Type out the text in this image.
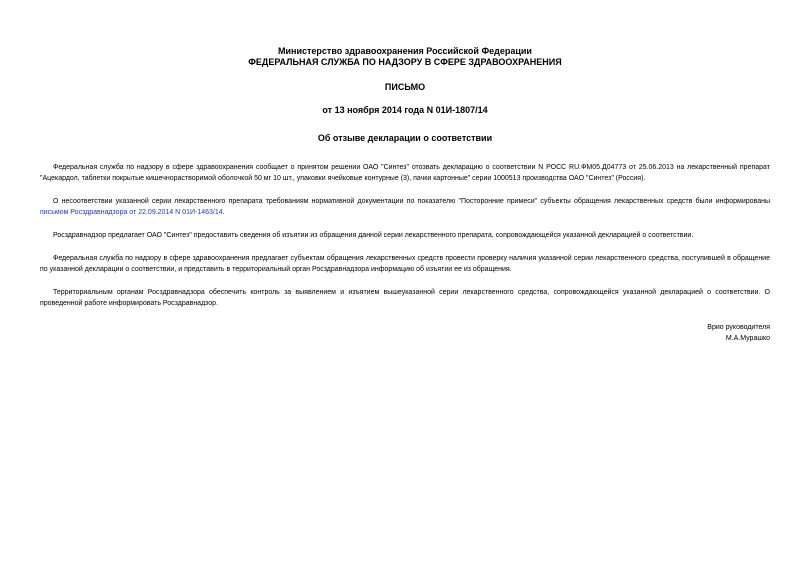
Министерство здравоохранения Российской Федерации
ФЕДЕРАЛЬНАЯ СЛУЖБА ПО НАДЗОРУ В СФЕРЕ ЗДРАВООХРАНЕНИЯ
ПИСЬМО
от 13 ноября 2014 года N 01И-1807/14
Об отзыве декларации о соответствии

Федеральная служба по надзору в сфере здравоохранения сообщает о принятом решении ОАО "Синтез" отозвать декларацию о соответствии N РОСС RU.ФМ05.Д04773 от 25.06.2013 на лекарственный препарат "Ацекардол, таблетки покрытые кишечнорастворимой оболочкой 50 мг 10 шт., упаковки ячейковые контурные (3), пачки картонные" серии 1000513 производства ОАО "Синтез" (Россия).

О несоответствии указанной серии лекарственного препарата требованиям нормативной документации по показателю "Посторонние примеси" субъекты обращения лекарственных средств были информированы письмом Росздравнадзора от 22.09.2014 N 01И-1463/14.

Росздравнадзор предлагает ОАО "Синтез" предоставить сведения об изъятии из обращения данной серии лекарственного препарата, сопровождающейся указанной декларацией о соответствии.

Федеральная служба по надзору в сфере здравоохранения предлагает субъектам обращения лекарственных средств провести проверку наличия указанной серии лекарственного средства, поступившей в обращение по указанной декларации о соответствии, и представить в территориальный орган Росздравнадзора информацию об изъятии ее из обращения.

Территориальным органам Росздравнадзора обеспечить контроль за выявлением и изъятием вышеуказанной серии лекарственного средства, сопровождающейся указанной декларацией о соответствии. О проведенной работе информировать Росздравнадзор.

Врио руководителя
М.А.Мурашко
